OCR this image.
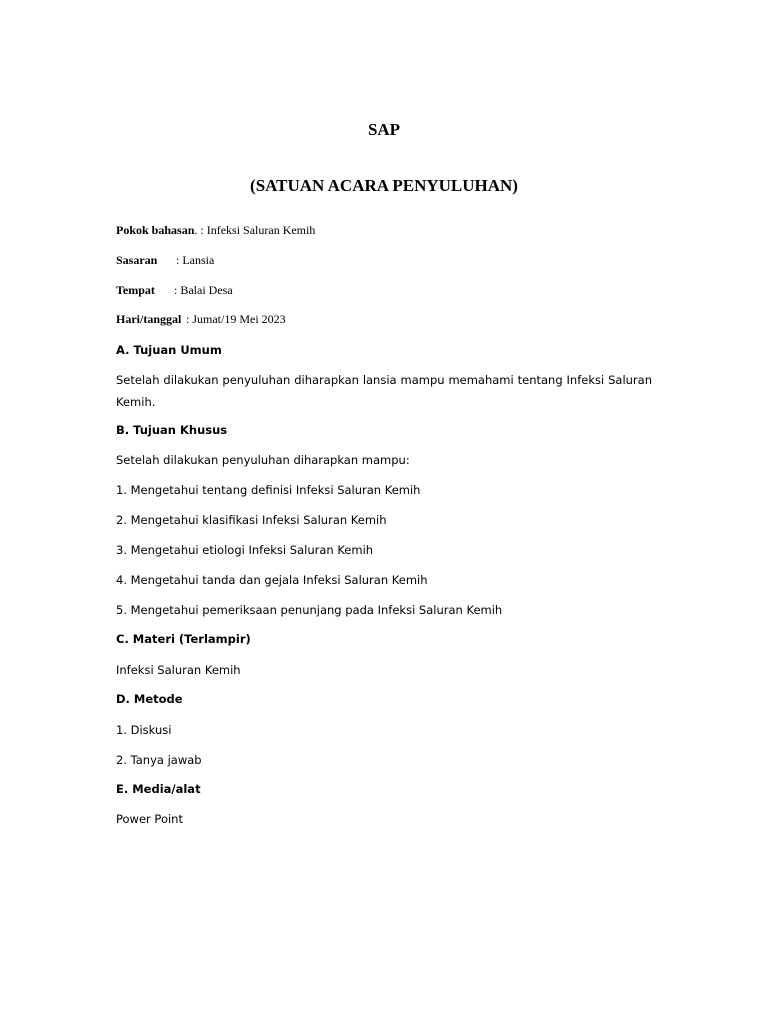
SAP
(SATUAN ACARA PENYULUHAN)
Pokok bahasan. : Infeksi Saluran Kemih
Sasaran : Lansia
Tempat : Balai Desa
Hari/tanggal : Jumat/19 Mei 2023
A. Tujuan Umum
Setelah dilakukan penyuluhan diharapkan lansia mampu memahami tentang Infeksi Saluran Kemih.
B. Tujuan Khusus
Setelah dilakukan penyuluhan diharapkan mampu:
1. Mengetahui tentang definisi Infeksi Saluran Kemih
2. Mengetahui klasifikasi Infeksi Saluran Kemih
3. Mengetahui etiologi Infeksi Saluran Kemih
4. Mengetahui tanda dan gejala Infeksi Saluran Kemih
5. Mengetahui pemeriksaan penunjang pada Infeksi Saluran Kemih
C. Materi (Terlampir)
Infeksi Saluran Kemih
D. Metode
1. Diskusi
2. Tanya jawab
E. Media/alat
Power Point
